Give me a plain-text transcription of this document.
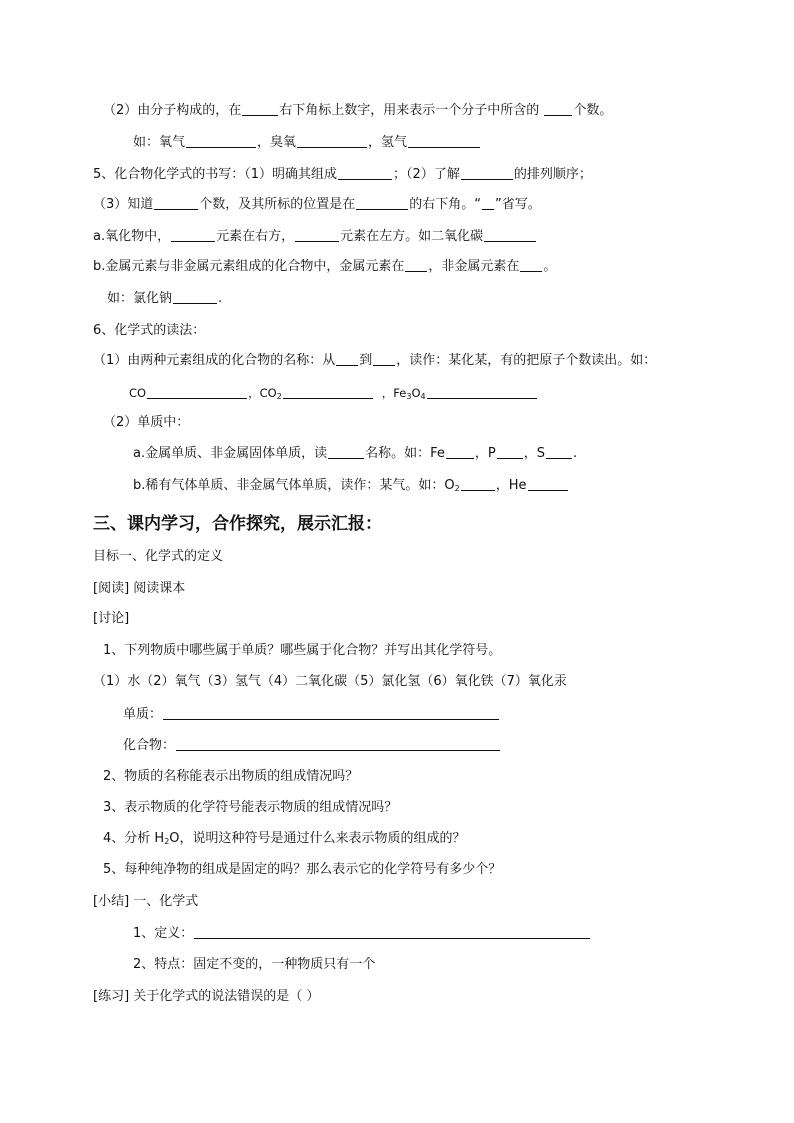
（2）由分子构成的，在	右下角标上数字，用来表示一个分子中所含的 个数。
如：氧气	，臭氧	，氢气
5、化合物化学式的书写：（1）明确其组成	；（2）了解	的排列顺序；
（3）知道	个数，及其所标的位置是在	的右下角。“ ”省写。
a.氧化物中，	元素在右方，	元素在左方。如二氧化碳
b.金属元素与非金属元素组成的化合物中，金属元素在 ，非金属元素在 。
如：氯化钠	.
6、化学式的读法：
（1）由两种元素组成的化合物的名称：从 到 ，读作：某化某，有的把原子个数读出。如：
CO	，$CO_2$	，$Fe_3O_4$
（2）单质中：
a.金属单质、非金属固体单质，读	名称。如：Fe ，P ，S .
b.稀有气体单质、非金属气体单质，读作：某气。如：$O_2$	，He
三、课内学习，合作探究，展示汇报：
目标一、化学式的定义
[阅读] 阅读课本
[讨论]
1、下列物质中哪些属于单质？哪些属于化合物？并写出其化学符号。
（1）水（2）氧气（3）氢气（4）二氧化碳（5）氯化氢（6）氧化铁（7）氧化汞
单质：
化合物：
2、物质的名称能表示出物质的组成情况吗？
3、表示物质的化学符号能表示物质的组成情况吗？
4、分析 $H_2O$，说明这种符号是通过什么来表示物质的组成的？
5、每种纯净物的组成是固定的吗？那么表示它的化学符号有多少个？
[小结] 一、化学式
1、定义：
2、特点：固定不变的，一种物质只有一个
[练习] 关于化学式的说法错误的是（ ）
